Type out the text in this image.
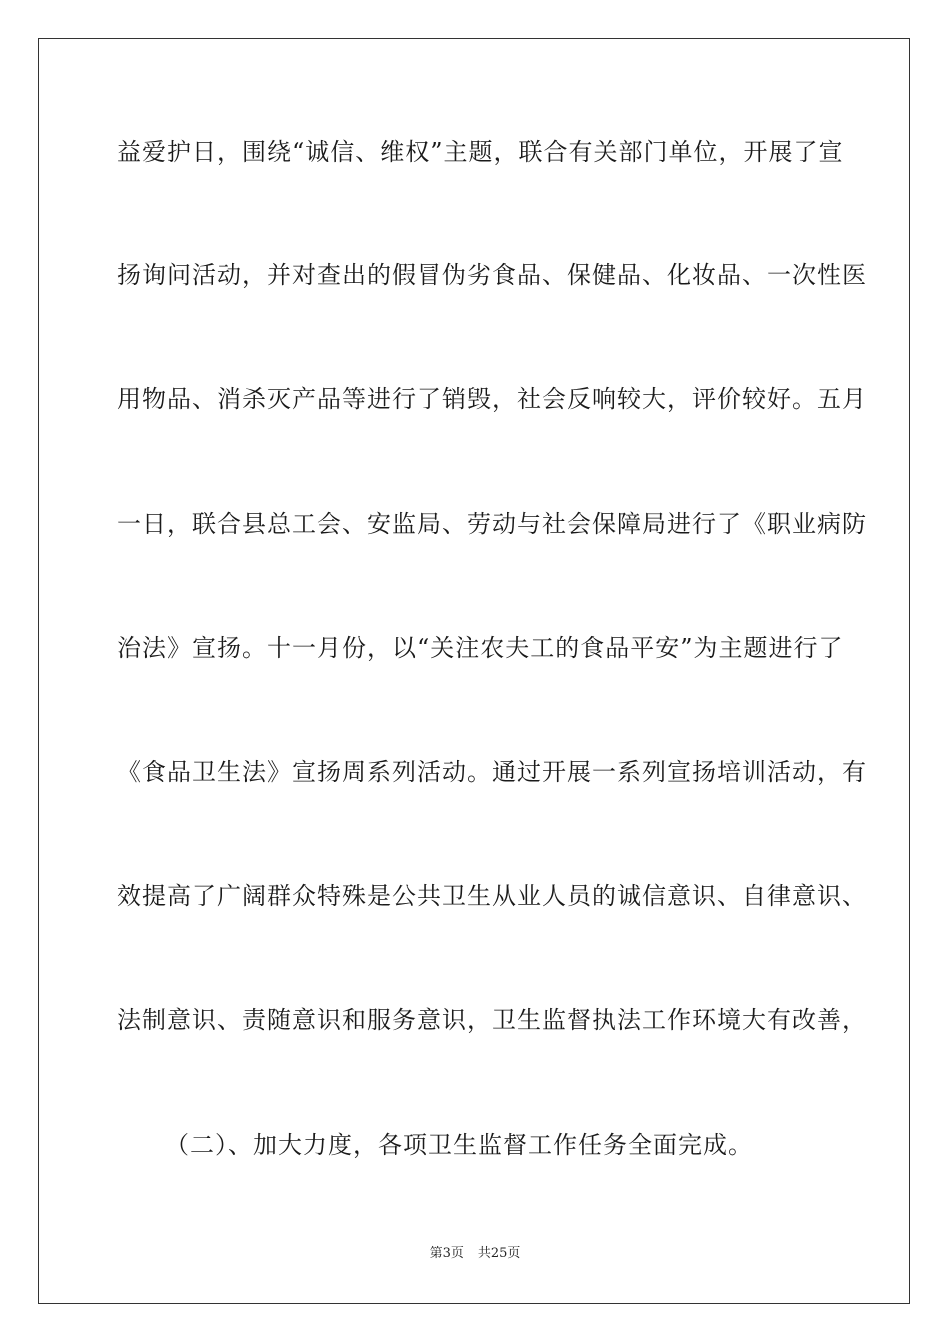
益爱护日，围绕“诚信、维权”主题，联合有关部门单位，开展了宣
扬询问活动，并对查出的假冒伪劣食品、保健品、化妆品、一次性医
用物品、消杀灭产品等进行了销毁，社会反响较大，评价较好。五月
一日，联合县总工会、安监局、劳动与社会保障局进行了《职业病防
治法》宣扬。十一月份，以“关注农夫工的食品平安”为主题进行了
《食品卫生法》宣扬周系列活动。通过开展一系列宣扬培训活动，有
效提高了广阔群众特殊是公共卫生从业人员的诚信意识、自律意识、
法制意识、责随意识和服务意识，卫生监督执法工作环境大有改善，
（二）、加大力度，各项卫生监督工作任务全面完成。
第3页 共25页
